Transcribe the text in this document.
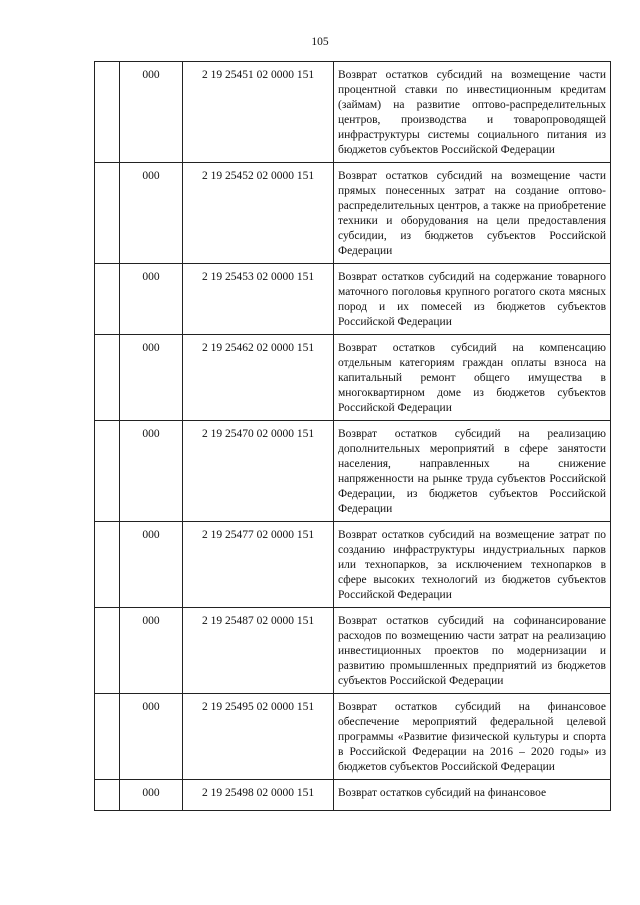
105
	000	2 19 25451 02 0000 151	Возврат остатков субсидий на возмещение части процентной ставки по инвестиционным кредитам (займам) на развитие оптово-распределительных центров, производства и товаропроводящей инфраструктуры системы социального питания из бюджетов субъектов Российской Федерации
	000	2 19 25452 02 0000 151	Возврат остатков субсидий на возмещение части прямых понесенных затрат на создание оптово-распределительных центров, а также на приобретение техники и оборудования на цели предоставления субсидии, из бюджетов субъектов Российской Федерации
	000	2 19 25453 02 0000 151	Возврат остатков субсидий на содержание товарного маточного поголовья крупного рогатого скота мясных пород и их помесей из бюджетов субъектов Российской Федерации
	000	2 19 25462 02 0000 151	Возврат остатков субсидий на компенсацию отдельным категориям граждан оплаты взноса на капитальный ремонт общего имущества в многоквартирном доме из бюджетов субъектов Российской Федерации
	000	2 19 25470 02 0000 151	Возврат остатков субсидий на реализацию дополнительных мероприятий в сфере занятости населения, направленных на снижение напряженности на рынке труда субъектов Российской Федерации, из бюджетов субъектов Российской Федерации
	000	2 19 25477 02 0000 151	Возврат остатков субсидий на возмещение затрат по созданию инфраструктуры индустриальных парков или технопарков, за исключением технопарков в сфере высоких технологий из бюджетов субъектов Российской Федерации
	000	2 19 25487 02 0000 151	Возврат остатков субсидий на софинансирование расходов по возмещению части затрат на реализацию инвестиционных проектов по модернизации и развитию промышленных предприятий из бюджетов субъектов Российской Федерации
	000	2 19 25495 02 0000 151	Возврат остатков субсидий на финансовое обеспечение мероприятий федеральной целевой программы «Развитие физической культуры и спорта в Российской Федерации на 2016 – 2020 годы» из бюджетов субъектов Российской Федерации
	000	2 19 25498 02 0000 151	Возврат остатков субсидий на финансовое
